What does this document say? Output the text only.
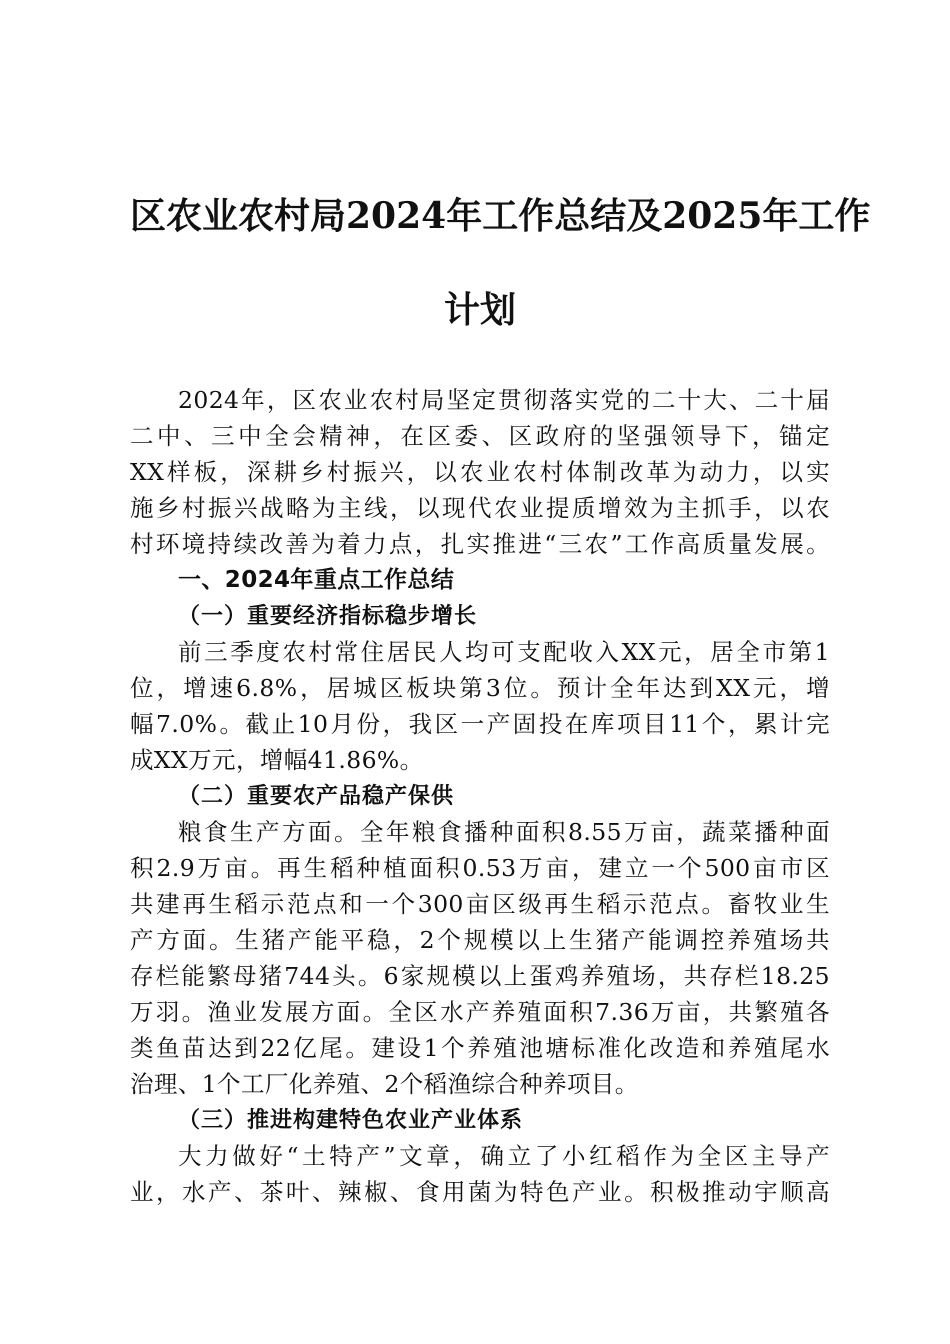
区农业农村局2024年工作总结及2025年工作
计划
2024年，区农业农村局坚定贯彻落实党的二十大、二十届
二中、三中全会精神，在区委、区政府的坚强领导下，锚定
XX样板，深耕乡村振兴，以农业农村体制改革为动力，以实
施乡村振兴战略为主线，以现代农业提质增效为主抓手，以农
村环境持续改善为着力点，扎实推进“三农”工作高质量发展。
一、2024年重点工作总结
（一）重要经济指标稳步增长
前三季度农村常住居民人均可支配收入XX元，居全市第1
位，增速6.8%，居城区板块第3位。预计全年达到XX元，增
幅7.0%。截止10月份，我区一产固投在库项目11个，累计完
成XX万元，增幅41.86%。
（二）重要农产品稳产保供
粮食生产方面。全年粮食播种面积8.55万亩，蔬菜播种面
积2.9万亩。再生稻种植面积0.53万亩，建立一个500亩市区
共建再生稻示范点和一个300亩区级再生稻示范点。畜牧业生
产方面。生猪产能平稳，2个规模以上生猪产能调控养殖场共
存栏能繁母猪744头。6家规模以上蛋鸡养殖场，共存栏18.25
万羽。渔业发展方面。全区水产养殖面积7.36万亩，共繁殖各
类鱼苗达到22亿尾。建设1个养殖池塘标准化改造和养殖尾水
治理、1个工厂化养殖、2个稻渔综合种养项目。
（三）推进构建特色农业产业体系
大力做好“土特产”文章，确立了小红稻作为全区主导产
业，水产、茶叶、辣椒、食用菌为特色产业。积极推动宇顺高
